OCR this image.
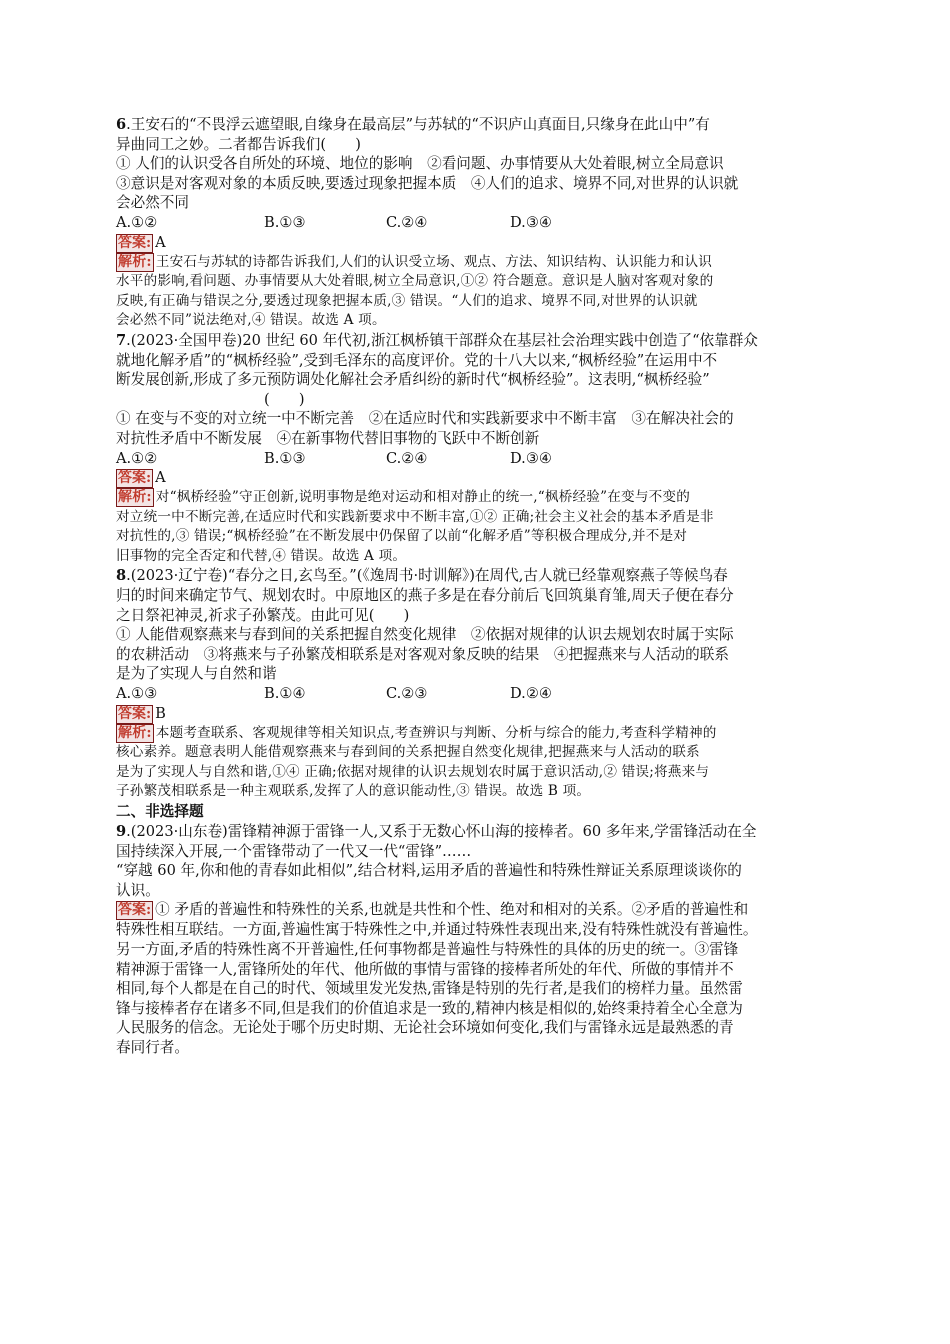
6.王安石的“不畏浮云遮望眼,自缘身在最高层”与苏轼的“不识庐山真面目,只缘身在此山中”有
异曲同工之妙。二者都告诉我们(　　)
① 人们的认识受各自所处的环境、地位的影响　②看问题、办事情要从大处着眼,树立全局意识
③意识是对客观对象的本质反映,要透过现象把握本质　④人们的追求、境界不同,对世界的认识就
会必然不同
A.①②	B.①③	C.②④	D.③④
答案: A
解析: 王安石与苏轼的诗都告诉我们,人们的认识受立场、观点、方法、知识结构、认识能力和认识
水平的影响,看问题、办事情要从大处着眼,树立全局意识,①② 符合题意。意识是人脑对客观对象的
反映,有正确与错误之分,要透过现象把握本质,③ 错误。“人们的追求、境界不同,对世界的认识就
会必然不同”说法绝对,④ 错误。故选 A 项。
7.(2023·全国甲卷)20 世纪 60 年代初,浙江枫桥镇干部群众在基层社会治理实践中创造了“依靠群众
就地化解矛盾”的“枫桥经验”,受到毛泽东的高度评价。党的十八大以来,“枫桥经验”在运用中不
断发展创新,形成了多元预防调处化解社会矛盾纠纷的新时代“枫桥经验”。这表明,“枫桥经验”
(　　)
① 在变与不变的对立统一中不断完善　②在适应时代和实践新要求中不断丰富　③在解决社会的
对抗性矛盾中不断发展　④在新事物代替旧事物的飞跃中不断创新
A.①②	B.①③	C.②④	D.③④
答案: A
解析: 对“枫桥经验”守正创新,说明事物是绝对运动和相对静止的统一,“枫桥经验”在变与不变的
对立统一中不断完善,在适应时代和实践新要求中不断丰富,①② 正确;社会主义社会的基本矛盾是非
对抗性的,③ 错误;“枫桥经验”在不断发展中仍保留了以前“化解矛盾”等积极合理成分,并不是对
旧事物的完全否定和代替,④ 错误。故选 A 项。
8.(2023·辽宁卷)“春分之日,玄鸟至。”(《逸周书·时训解》)在周代,古人就已经靠观察燕子等候鸟春
归的时间来确定节气、规划农时。中原地区的燕子多是在春分前后飞回筑巢育雏,周天子便在春分
之日祭祀神灵,祈求子孙繁茂。由此可见(　　)
① 人能借观察燕来与春到间的关系把握自然变化规律　②依据对规律的认识去规划农时属于实际
的农耕活动　③将燕来与子孙繁茂相联系是对客观对象反映的结果　④把握燕来与人活动的联系
是为了实现人与自然和谐
A.①③	B.①④	C.②③	D.②④
答案: B
解析: 本题考查联系、客观规律等相关知识点,考查辨识与判断、分析与综合的能力,考查科学精神的
核心素养。题意表明人能借观察燕来与春到间的关系把握自然变化规律,把握燕来与人活动的联系
是为了实现人与自然和谐,①④ 正确;依据对规律的认识去规划农时属于意识活动,② 错误;将燕来与
子孙繁茂相联系是一种主观联系,发挥了人的意识能动性,③ 错误。故选 B 项。
二、非选择题
9.(2023·山东卷)雷锋精神源于雷锋一人,又系于无数心怀山海的接棒者。60 多年来,学雷锋活动在全
国持续深入开展,一个雷锋带动了一代又一代“雷锋”……
“穿越 60 年,你和他的青春如此相似”,结合材料,运用矛盾的普遍性和特殊性辩证关系原理谈谈你的
认识。
答案: ① 矛盾的普遍性和特殊性的关系,也就是共性和个性、绝对和相对的关系。②矛盾的普遍性和
特殊性相互联结。一方面,普遍性寓于特殊性之中,并通过特殊性表现出来,没有特殊性就没有普遍性。
另一方面,矛盾的特殊性离不开普遍性,任何事物都是普遍性与特殊性的具体的历史的统一。③雷锋
精神源于雷锋一人,雷锋所处的年代、他所做的事情与雷锋的接棒者所处的年代、所做的事情并不
相同,每个人都是在自己的时代、领域里发光发热,雷锋是特别的先行者,是我们的榜样力量。虽然雷
锋与接棒者存在诸多不同,但是我们的价值追求是一致的,精神内核是相似的,始终秉持着全心全意为
人民服务的信念。无论处于哪个历史时期、无论社会环境如何变化,我们与雷锋永远是最熟悉的青
春同行者。
